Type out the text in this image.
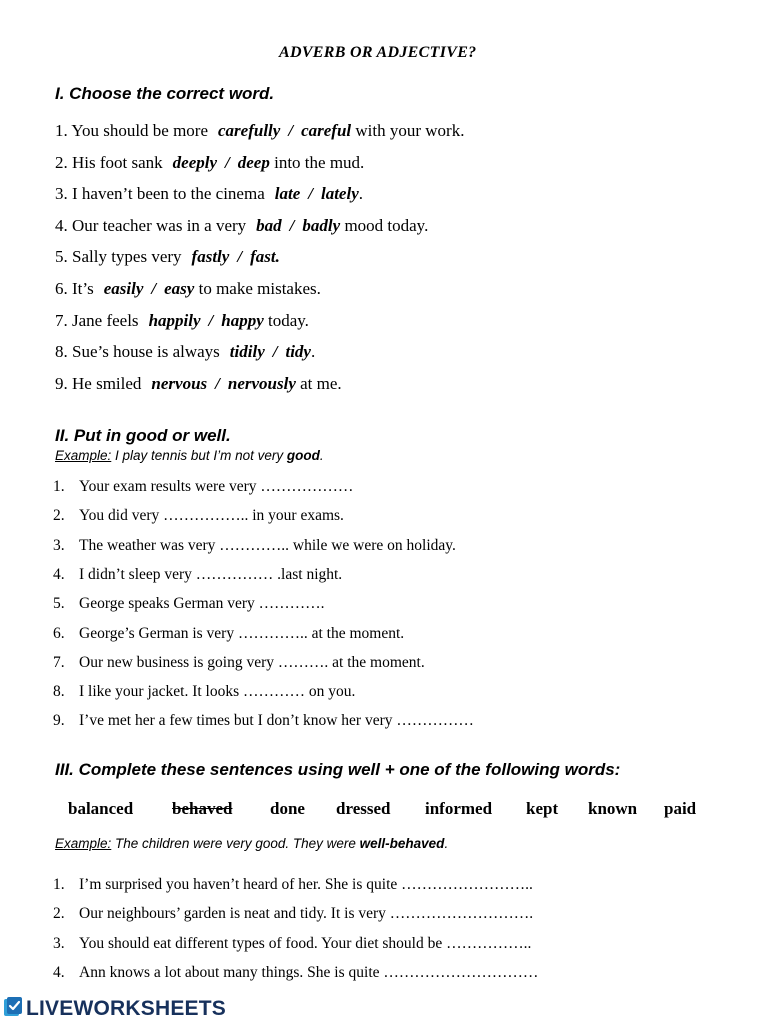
ADVERB OR ADJECTIVE?
I. Choose the correct word.
1. You should be more carefully / careful with your work.
2. His foot sank deeply / deep into the mud.
3. I haven’t been to the cinema late / lately.
4. Our teacher was in a very bad / badly mood today.
5. Sally types very fastly / fast.
6. It’s easily / easy to make mistakes.
7. Jane feels happily / happy today.
8. Sue’s house is always tidily / tidy.
9. He smiled nervous / nervously at me.
II. Put in good or well.
Example: I play tennis but I’m not very good.
1. Your exam results were very ………………
2. You did very …………….. in your exams.
3. The weather was very ………….. while we were on holiday.
4. I didn’t sleep very …………… .last night.
5. George speaks German very ………….
6. George’s German is very ………….. at the moment.
7. Our new business is going very ………. at the moment.
8. I like your jacket. It looks ………… on you.
9. I’ve met her a few times but I don’t know her very ……………
III. Complete these sentences using well + one of the following words:
balanced behaved done dressed informed kept known paid
Example: The children were very good. They were well-behaved.
1. I’m surprised you haven’t heard of her. She is quite ……………………..
2. Our neighbours’ garden is neat and tidy. It is very ……………………….
3. You should eat different types of food. Your diet should be ……………..
4. Ann knows a lot about many things. She is quite …………………………
LIVEWORKSHEETS
